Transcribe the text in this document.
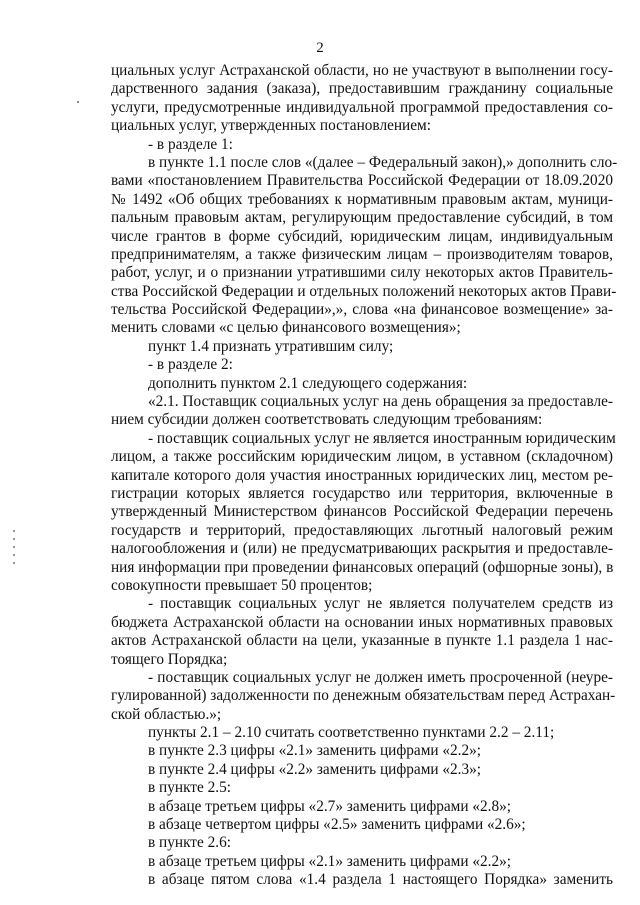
2
циальных услуг Астраханской области, но не участвуют в выполнении госу-
дарственного задания (заказа), предоставившим гражданину социальные
услуги, предусмотренные индивидуальной программой предоставления со-
циальных услуг, утвержденных постановлением:
- в разделе 1:
в пункте 1.1 после слов «(далее – Федеральный закон),» дополнить сло-
вами «постановлением Правительства Российской Федерации от 18.09.2020
№ 1492 «Об общих требованиях к нормативным правовым актам, муници-
пальным правовым актам, регулирующим предоставление субсидий, в том
числе грантов в форме субсидий, юридическим лицам, индивидуальным
предпринимателям, а также физическим лицам – производителям товаров,
работ, услуг, и о признании утратившими силу некоторых актов Правитель-
ства Российской Федерации и отдельных положений некоторых актов Прави-
тельства Российской Федерации»,», слова «на финансовое возмещение» за-
менить словами «с целью финансового возмещения»;
пункт 1.4 признать утратившим силу;
- в разделе 2:
дополнить пунктом 2.1 следующего содержания:
«2.1. Поставщик социальных услуг на день обращения за предоставле-
нием субсидии должен соответствовать следующим требованиям:
- поставщик социальных услуг не является иностранным юридическим
лицом, а также российским юридическим лицом, в уставном (складочном)
капитале которого доля участия иностранных юридических лиц, местом ре-
гистрации которых является государство или территория, включенные в
утвержденный Министерством финансов Российской Федерации перечень
государств и территорий, предоставляющих льготный налоговый режим
налогообложения и (или) не предусматривающих раскрытия и предоставле-
ния информации при проведении финансовых операций (офшорные зоны), в
совокупности превышает 50 процентов;
- поставщик социальных услуг не является получателем средств из
бюджета Астраханской области на основании иных нормативных правовых
актов Астраханской области на цели, указанные в пункте 1.1 раздела 1 нас-
тоящего Порядка;
- поставщик социальных услуг не должен иметь просроченной (неуре-
гулированной) задолженности по денежным обязательствам перед Астрахан-
ской областью.»;
пункты 2.1 – 2.10 считать соответственно пунктами 2.2 – 2.11;
в пункте 2.3 цифры «2.1» заменить цифрами «2.2»;
в пункте 2.4 цифры «2.2» заменить цифрами «2.3»;
в пункте 2.5:
в абзаце третьем цифры «2.7» заменить цифрами «2.8»;
в абзаце четвертом цифры «2.5» заменить цифрами «2.6»;
в пункте 2.6:
в абзаце третьем цифры «2.1» заменить цифрами «2.2»;
в абзаце пятом слова «1.4 раздела 1 настоящего Порядка» заменить
